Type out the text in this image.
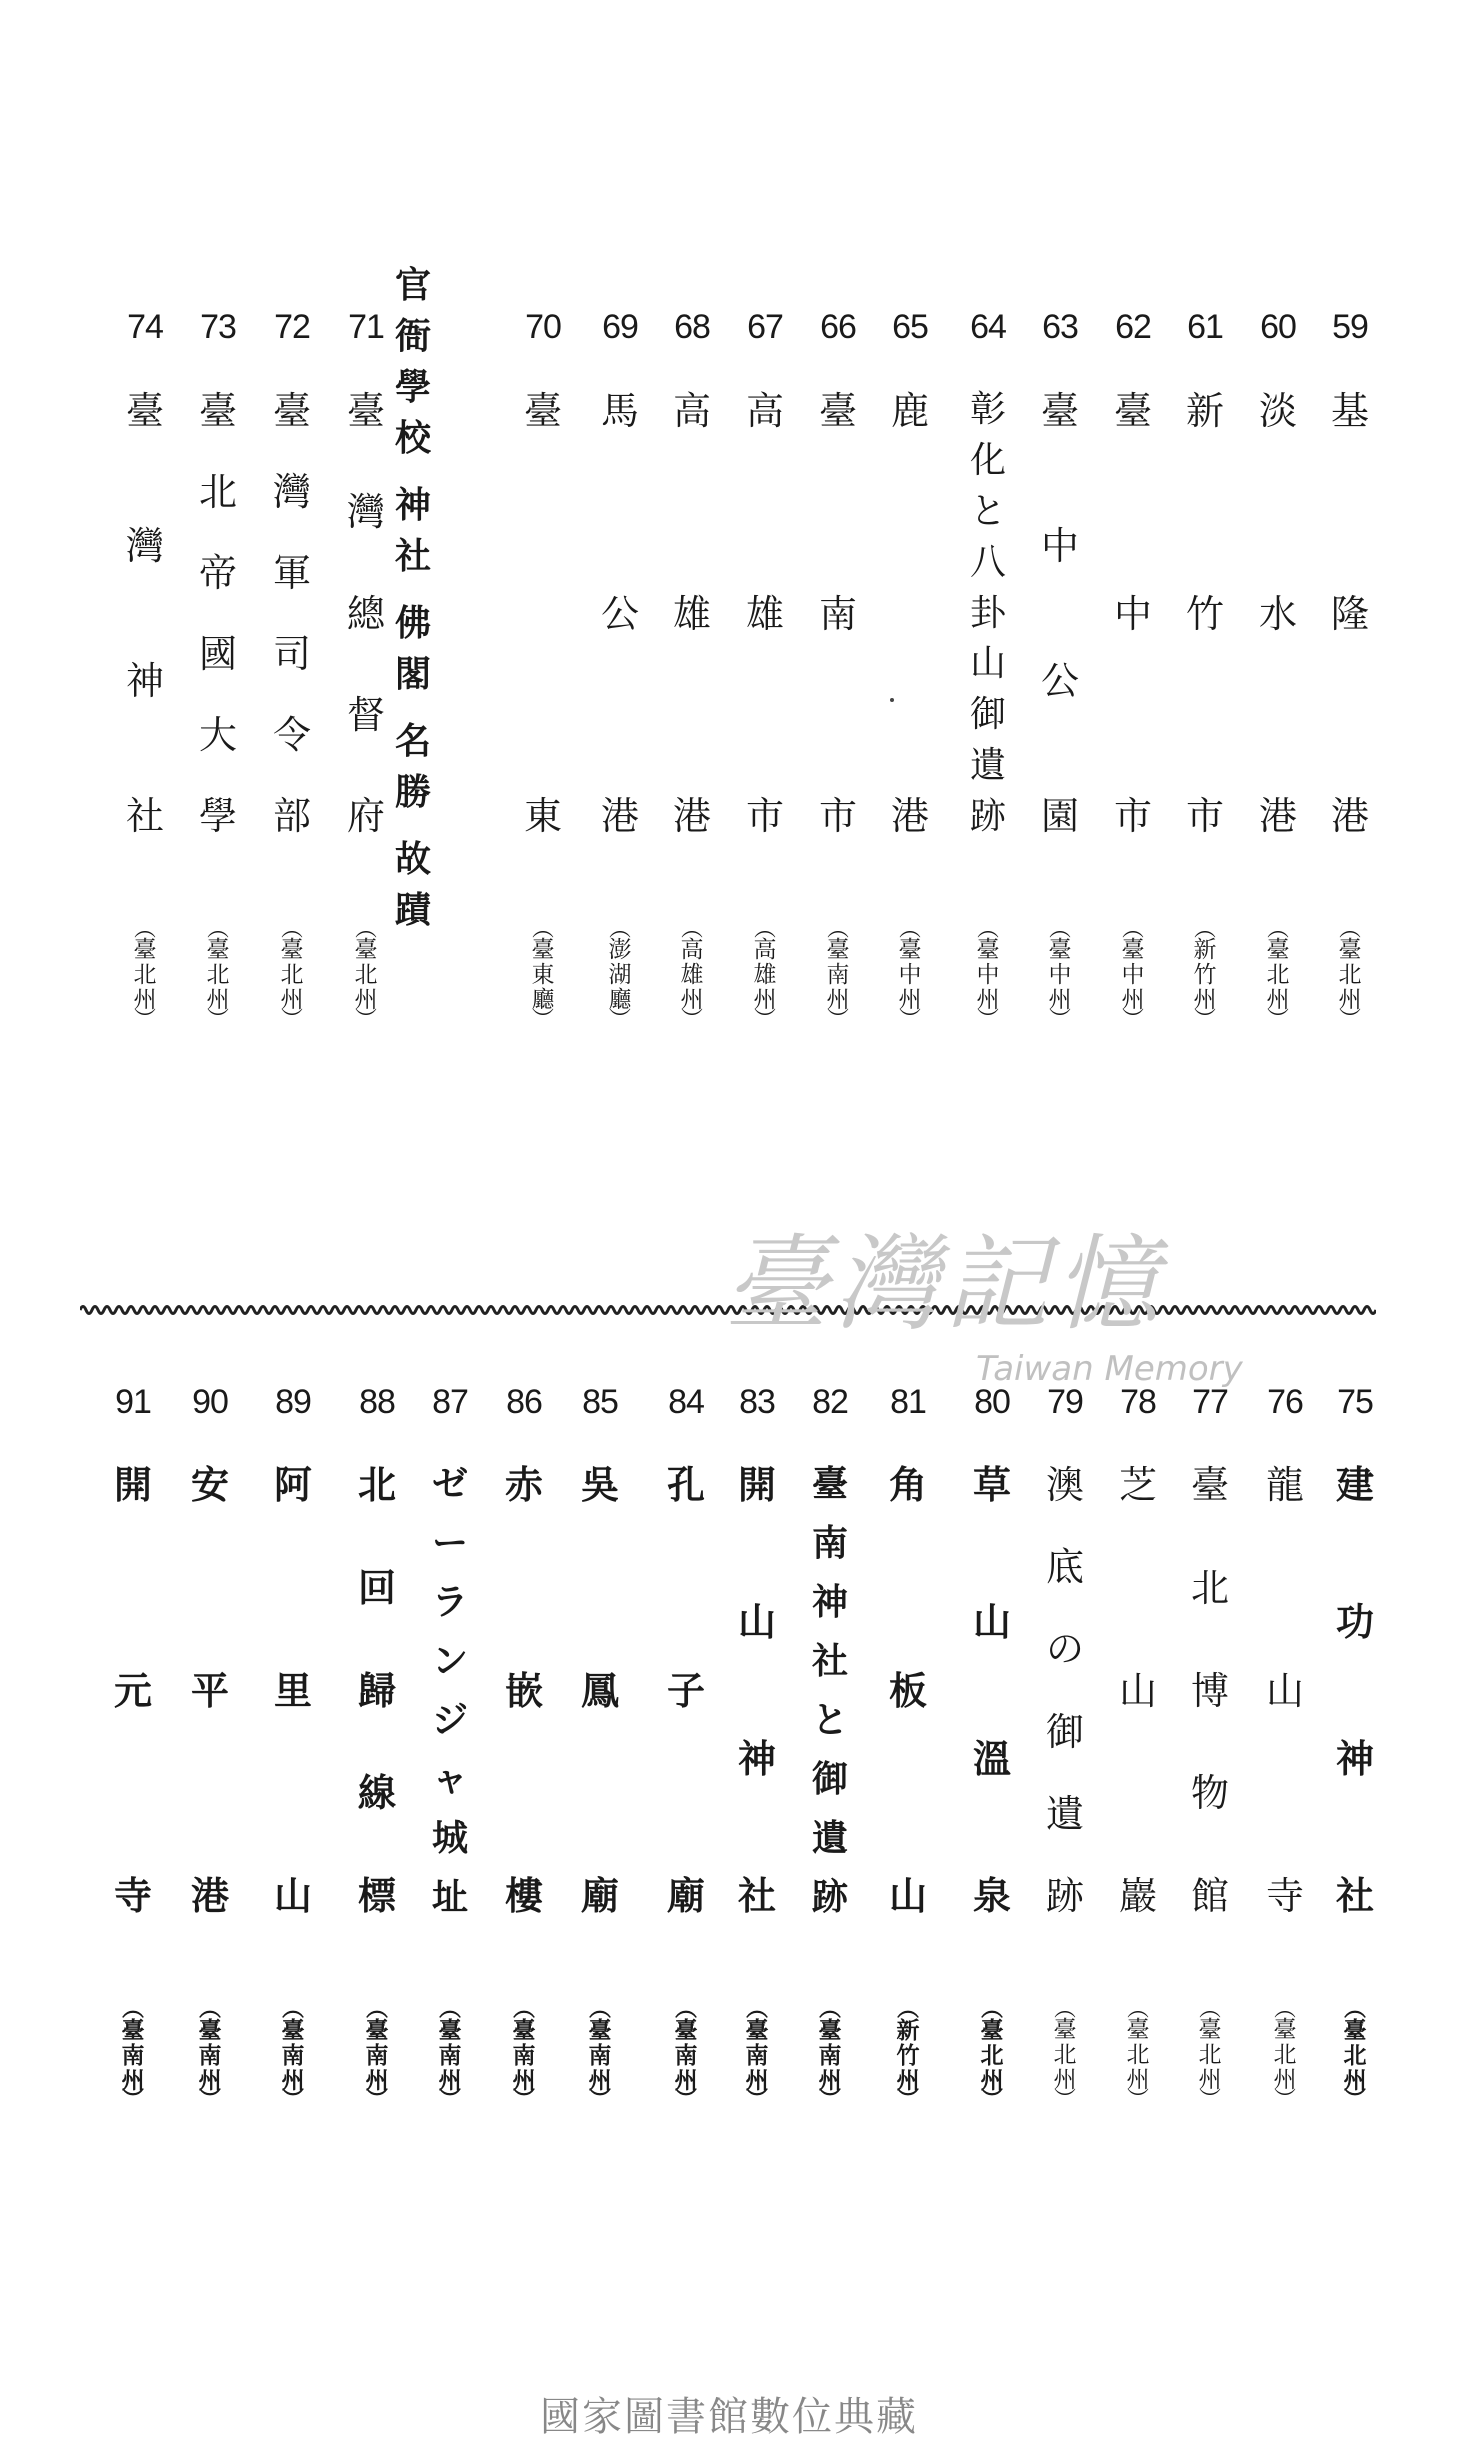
官
衙
學
校
神
社
佛
閣
名
勝
故
蹟
59
基
隆
港
︵
臺
北
州
︶
60
淡
水
港
︵
臺
北
州
︶
61
新
竹
市
︵
新
竹
州
︶
62
臺
中
市
︵
臺
中
州
︶
63
臺
中
公
園
︵
臺
中
州
︶
64
彰
化
と
八
卦
山
御
遺
跡
︵
臺
中
州
︶
65
鹿
港
︵
臺
中
州
︶
66
臺
南
市
︵
臺
南
州
︶
67
高
雄
市
︵
高
雄
州
︶
68
高
雄
港
︵
高
雄
州
︶
69
馬
公
港
︵
澎
湖
廳
︶
70
臺
東
︵
臺
東
廳
︶
71
臺
灣
總
督
府
︵
臺
北
州
︶
72
臺
灣
軍
司
令
部
︵
臺
北
州
︶
73
臺
北
帝
國
大
學
︵
臺
北
州
︶
74
臺
灣
神
社
︵
臺
北
州
︶
臺灣記憶
Taiwan Memory
75
建
功
神
社
︵
臺
北
州
︶
76
龍
山
寺
︵
臺
北
州
︶
77
臺
北
博
物
館
︵
臺
北
州
︶
78
芝
山
巖
︵
臺
北
州
︶
79
澳
底
の
御
遺
跡
︵
臺
北
州
︶
80
草
山
溫
泉
︵
臺
北
州
︶
81
角
板
山
︵
新
竹
州
︶
82
臺
南
神
社
と
御
遺
跡
︵
臺
南
州
︶
83
開
山
神
社
︵
臺
南
州
︶
84
孔
子
廟
︵
臺
南
州
︶
85
吳
鳳
廟
︵
臺
南
州
︶
86
赤
嵌
樓
︵
臺
南
州
︶
87
ゼ
ー
ラ
ン
ジ
ャ
城
址
︵
臺
南
州
︶
88
北
回
歸
線
標
︵
臺
南
州
︶
89
阿
里
山
︵
臺
南
州
︶
90
安
平
港
︵
臺
南
州
︶
91
開
元
寺
︵
臺
南
州
︶
國家圖書館數位典藏
